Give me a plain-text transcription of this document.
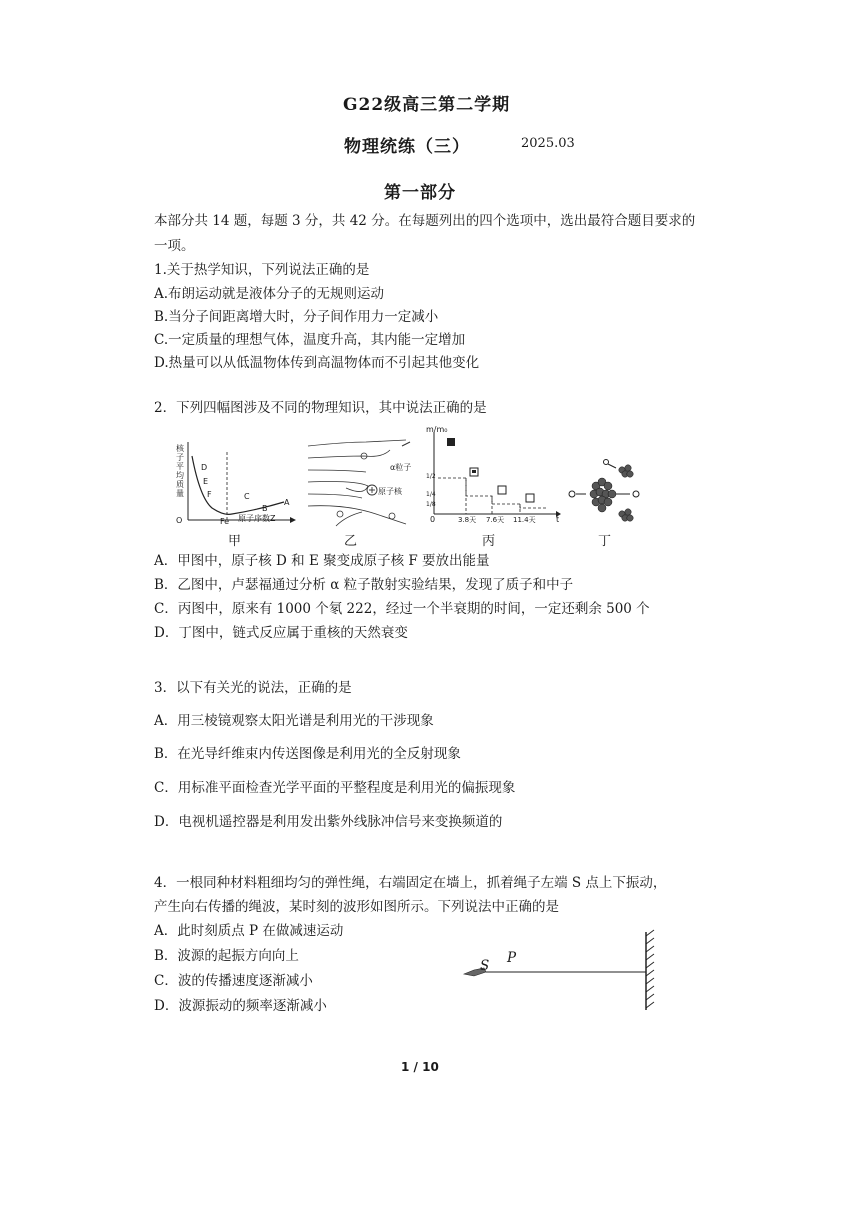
G22级高三第二学期
物理统练（三）	2025.03
第一部分
本部分共 14 题，每题 3 分，共 42 分。在每题列出的四个选项中，选出最符合题目要求的
一项。
1.关于热学知识，下列说法正确的是
A.布朗运动就是液体分子的无规则运动
B.当分子间距离增大时，分子间作用力一定减小
C.一定质量的理想气体，温度升高，其内能一定增加
D.热量可以从低温物体传到高温物体而不引起其他变化
2．下列四幅图涉及不同的物理知识，其中说法正确的是
核
子
平
均
质
量
D
E
F	C
B
A
O	Fe 原子序数Z
α粒子
原子核
m/m₀
1/2
1/4
1/8
0	3.8天 7.6天 11.4天	t
甲	乙	丙	丁
A．甲图中，原子核 D 和 E 聚变成原子核 F 要放出能量
B．乙图中，卢瑟福通过分析 α 粒子散射实验结果，发现了质子和中子
C．丙图中，原来有 1000 个氡 222，经过一个半衰期的时间，一定还剩余 500 个
D．丁图中，链式反应属于重核的天然衰变
3．以下有关光的说法，正确的是
A．用三棱镜观察太阳光谱是利用光的干涉现象
B．在光导纤维束内传送图像是利用光的全反射现象
C．用标准平面检查光学平面的平整程度是利用光的偏振现象
D．电视机遥控器是利用发出紫外线脉冲信号来变换频道的
4．一根同种材料粗细均匀的弹性绳，右端固定在墙上，抓着绳子左端 S 点上下振动，
产生向右传播的绳波，某时刻的波形如图所示。下列说法中正确的是
A．此时刻质点 P 在做减速运动
B．波源的起振方向向上
C．波的传播速度逐渐减小
D．波源振动的频率逐渐减小
S P
1 / 10
